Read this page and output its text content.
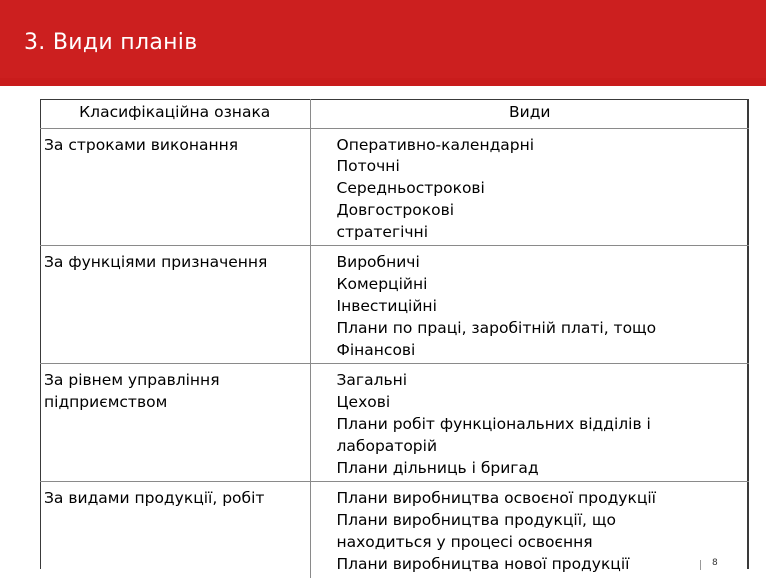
3. Види планів
Класифікаційна ознака	Види
За строками виконання	Оперативно-календарні
Поточні
Середньострокові
Довгострокові
стратегічні

За функціями призначення	Виробничі
Комерційні
Інвестиційні
Плани по праці, заробітній платі, тощо
Фінансові

За рівнем управління підприємством	Загальні
Цехові
Плани робіт функціональних відділів і лабораторій
Плани дільниць і бригад

За видами продукції, робіт	Плани виробництва освоєної продукції
Плани виробництва продукції, що находиться у процесі освоєння
Плани виробництва нової продукції	8
